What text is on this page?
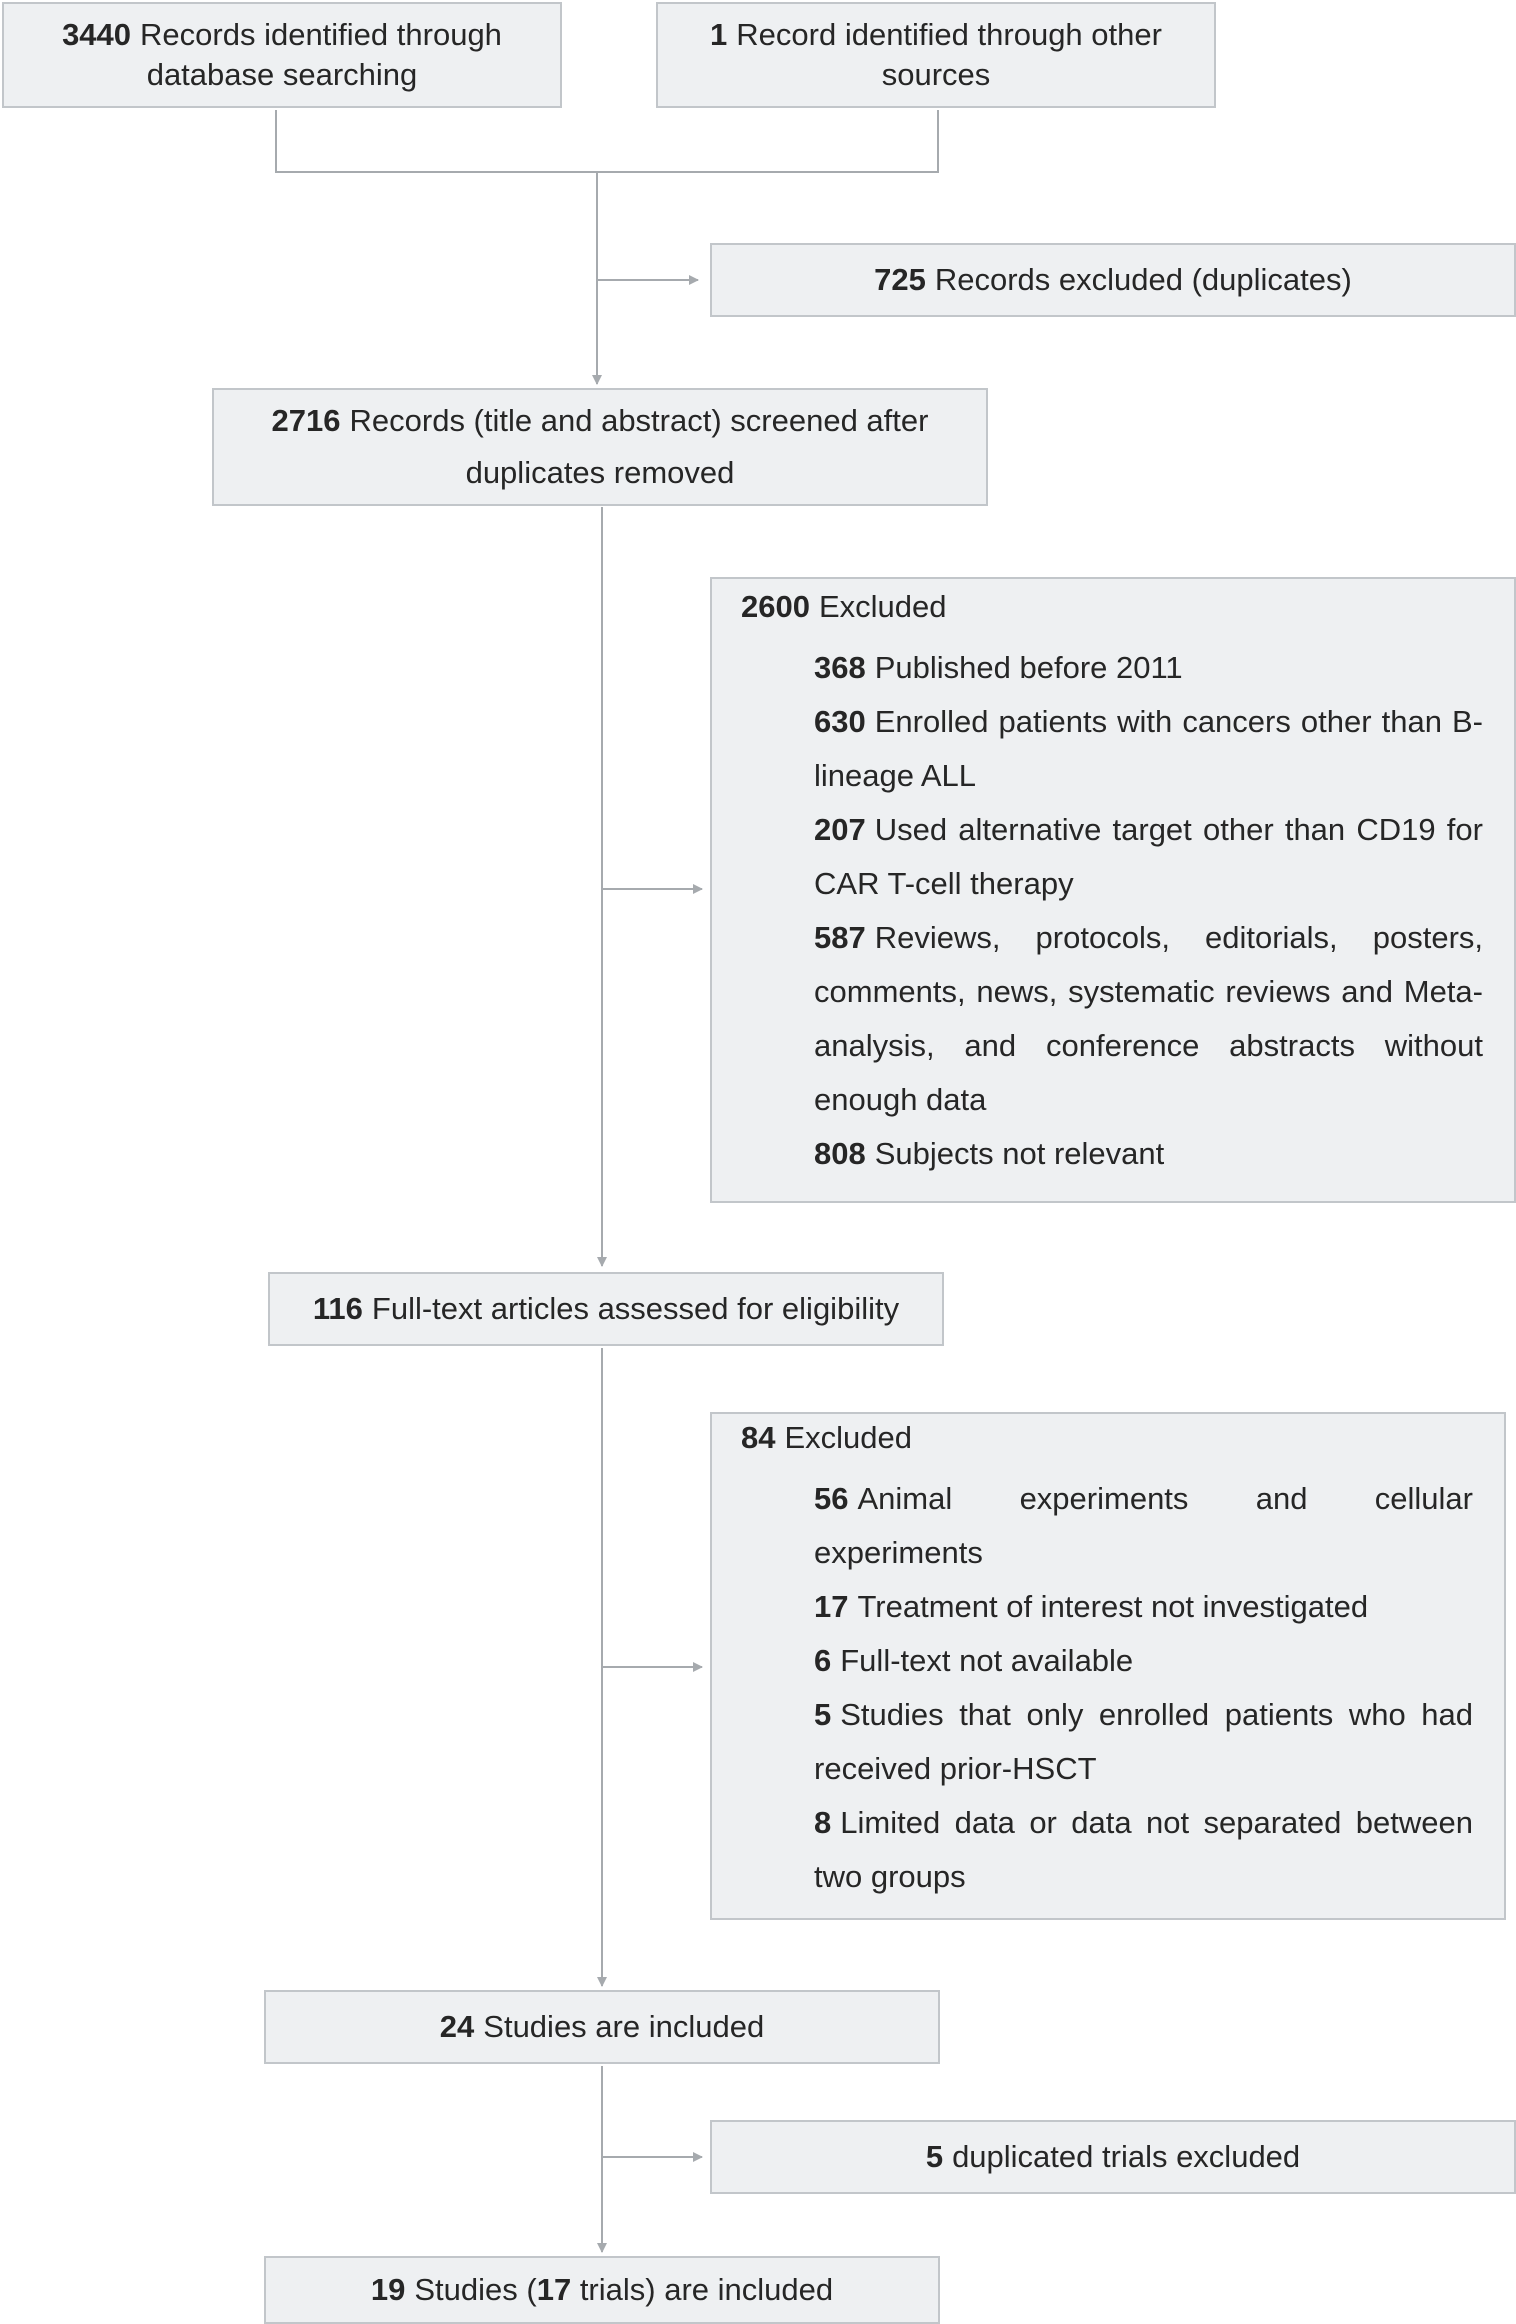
3440 Records identified through database searching
1 Record identified through other sources
725 Records excluded (duplicates)
2716 Records (title and abstract) screened after duplicates removed
2600 Excluded
368 Published before 2011
630 Enrolled patients with cancers other than B-lineage ALL
207 Used alternative target other than CD19 for CAR T-cell therapy
587 Reviews, protocols, editorials, posters, comments, news, systematic reviews and Meta-analysis, and conference abstracts without enough data
808 Subjects not relevant
116 Full-text articles assessed for eligibility
84 Excluded
56 Animal experiments and cellular experiments
17 Treatment of interest not investigated
6 Full-text not available
5 Studies that only enrolled patients who had received prior-HSCT
8 Limited data or data not separated between two groups
24 Studies are included
5 duplicated trials excluded
19 Studies (17 trials) are included
